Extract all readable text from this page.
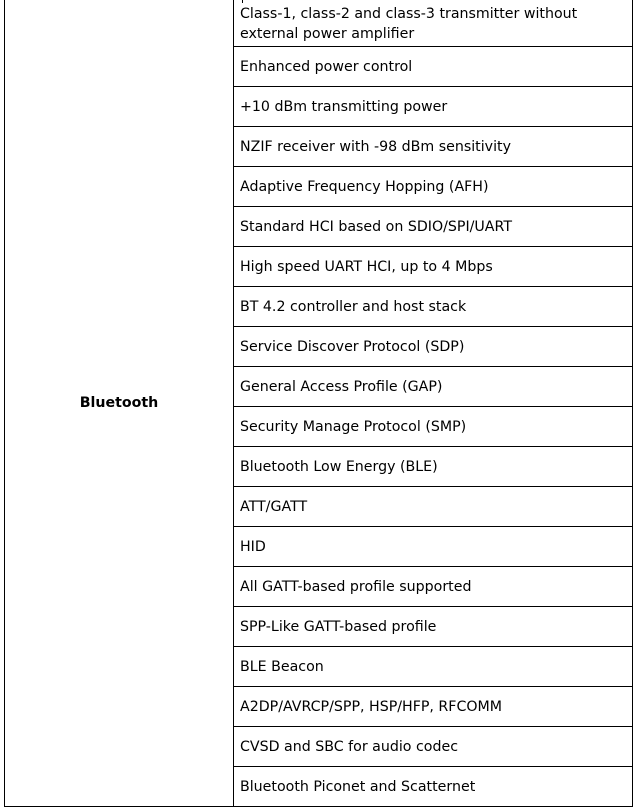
Bluetooth	Class-1, class-2 and class-3 transmitter without external power amplifier
Enhanced power control
+10 dBm transmitting power
NZIF receiver with -98 dBm sensitivity
Adaptive Frequency Hopping (AFH)
Standard HCI based on SDIO/SPI/UART
High speed UART HCI, up to 4 Mbps
BT 4.2 controller and host stack
Service Discover Protocol (SDP)
General Access Profile (GAP)
Security Manage Protocol (SMP)
Bluetooth Low Energy (BLE)
ATT/GATT
HID
All GATT-based profile supported
SPP-Like GATT-based profile
BLE Beacon
A2DP/AVRCP/SPP, HSP/HFP, RFCOMM
CVSD and SBC for audio codec
Bluetooth Piconet and Scatternet
